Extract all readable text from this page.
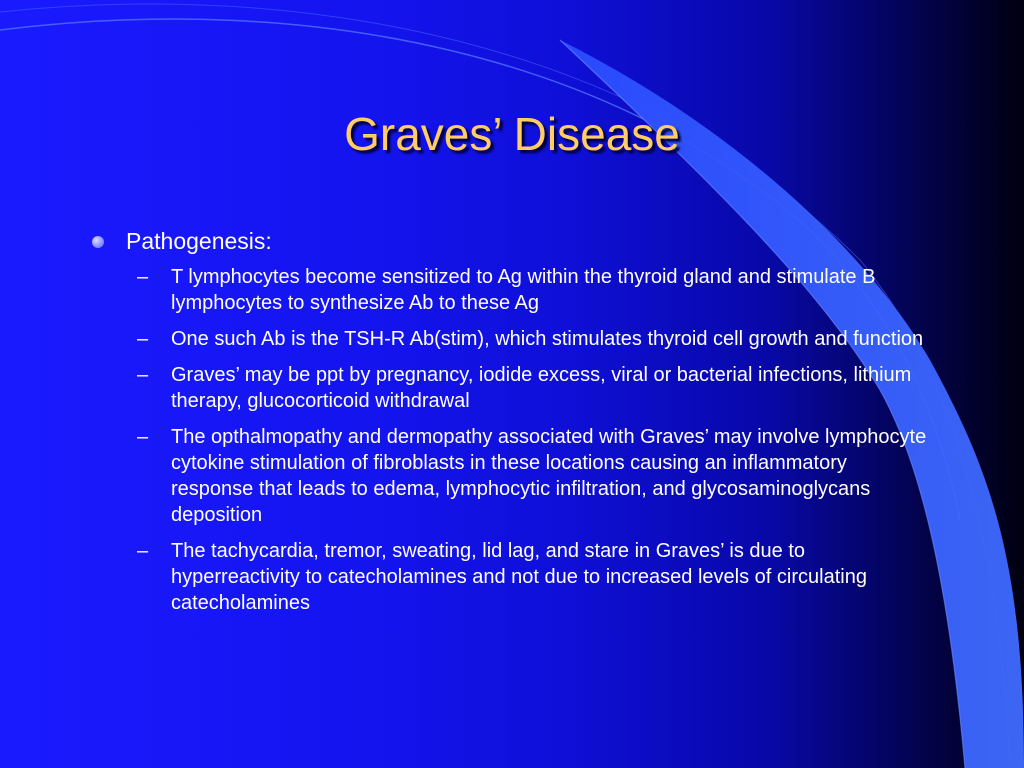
Graves’ Disease
Pathogenesis:
– T lymphocytes become sensitized to Ag within the thyroid gland and stimulate B lymphocytes to synthesize Ab to these Ag
– One such Ab is the TSH-R Ab(stim), which stimulates thyroid cell growth and function
– Graves’ may be ppt by pregnancy, iodide excess, viral or bacterial infections, lithium therapy, glucocorticoid withdrawal
– The opthalmopathy and dermopathy associated with Graves’ may involve lymphocyte cytokine stimulation of fibroblasts in these locations causing an inflammatory response that leads to edema, lymphocytic infiltration, and glycosaminoglycans deposition
– The tachycardia, tremor, sweating, lid lag, and stare in Graves’ is due to hyperreactivity to catecholamines and not due to increased levels of circulating catecholamines
